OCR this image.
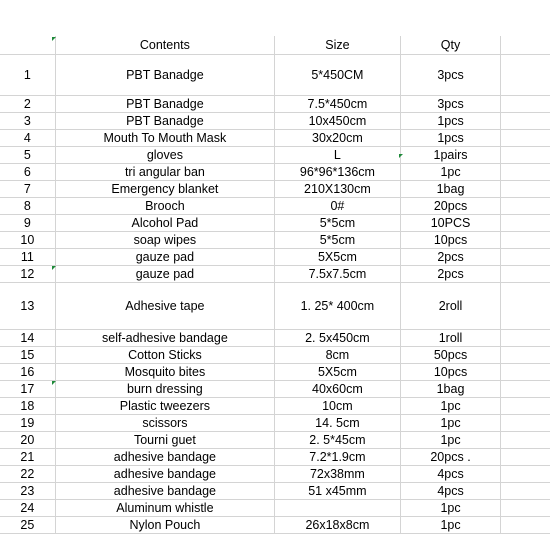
	Contents	Size	Qty	
1	PBT Banadge	5*450CM	3pcs	
2	PBT Banadge	7.5*450cm	3pcs	
3	PBT Banadge	10x450cm	1pcs	
4	Mouth To Mouth Mask	30x20cm	1pcs	
5	gloves	L	1pairs	
6	tri angular ban	96*96*136cm	1pc	
7	Emergency blanket	210X130cm	1bag	
8	Brooch	0#	20pcs	
9	Alcohol Pad	5*5cm	10PCS	
10	soap wipes	5*5cm	10pcs	
11	gauze pad	5X5cm	2pcs	
12	gauze pad	7.5x7.5cm	2pcs	
13	Adhesive tape	1. 25* 400cm	2roll	
14	self-adhesive bandage	2. 5x450cm	1roll	
15	Cotton Sticks	8cm	50pcs	
16	Mosquito bites	5X5cm	10pcs	
17	burn dressing	40x60cm	1bag	
18	Plastic tweezers	10cm	1pc	
19	scissors	14. 5cm	1pc	
20	Tourni guet	2. 5*45cm	1pc	
21	adhesive bandage	7.2*1.9cm	20pcs .	
22	adhesive bandage	72x38mm	4pcs	
23	adhesive bandage	51 x45mm	4pcs	
24	Aluminum whistle		1pc	
25	Nylon Pouch	26x18x8cm	1pc	
